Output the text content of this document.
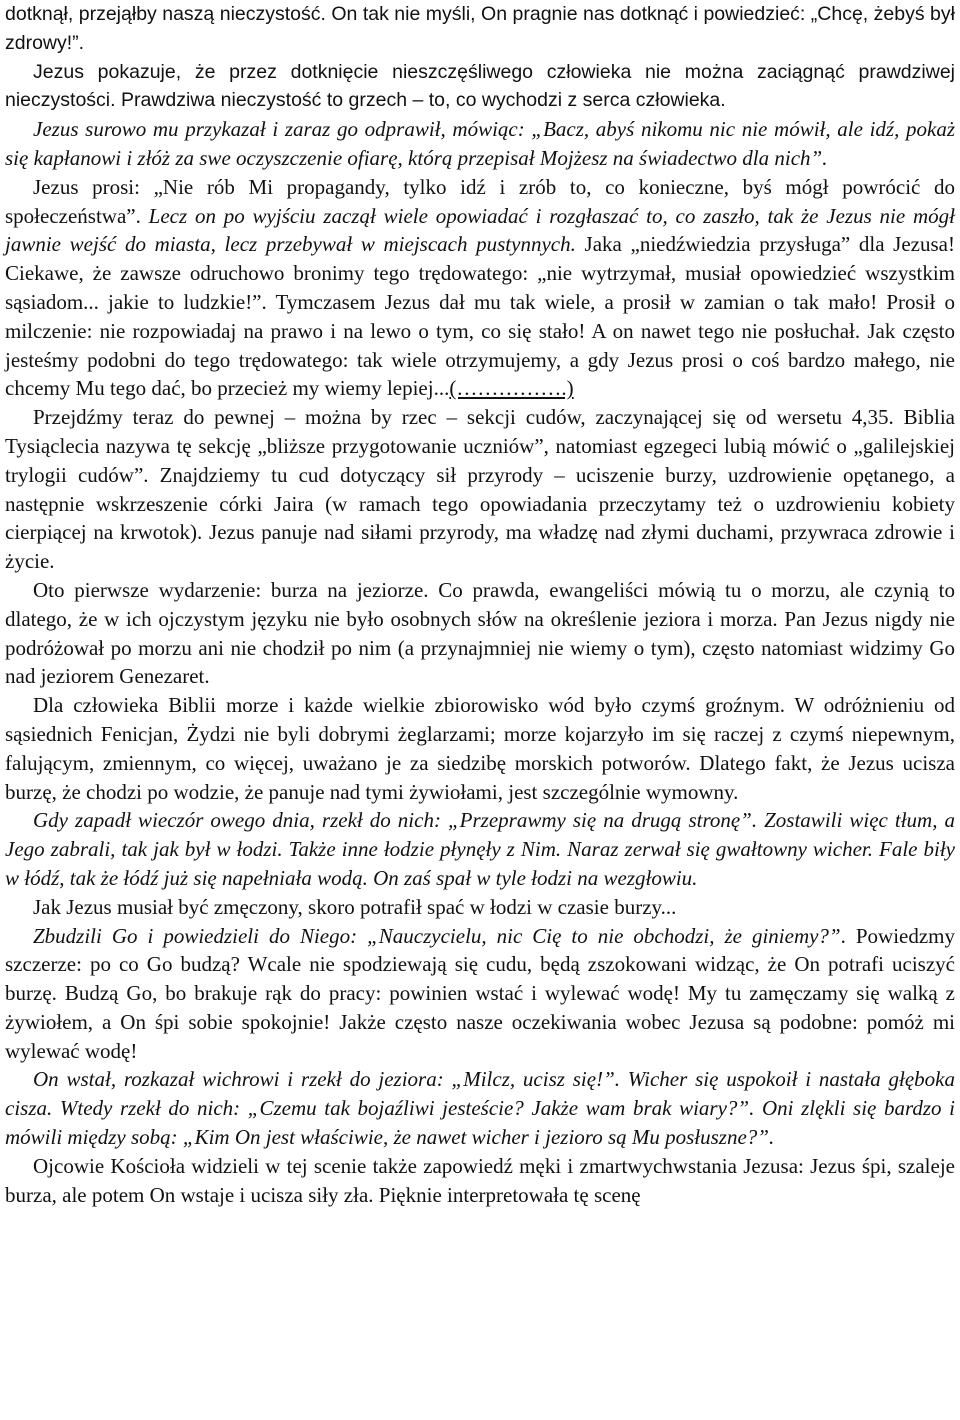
dotknął, przejąłby naszą nieczystość. On tak nie myśli, On pragnie nas dotknąć i powiedzieć: „Chcę, żebyś był zdrowy!”.

Jezus pokazuje, że przez dotknięcie nieszczęśliwego człowieka nie można zaciągnąć prawdziwej nieczystości. Prawdziwa nieczystość to grzech – to, co wychodzi z serca człowieka.

Jezus surowo mu przykazał i zaraz go odprawił, mówiąc: „Bacz, abyś nikomu nic nie mówił, ale idź, pokaż się kapłanowi i złóż za swe oczyszczenie ofiarę, którą przepisał Mojżesz na świadectwo dla nich”.

Jezus prosi: „Nie rób Mi propagandy, tylko idź i zrób to, co konieczne, byś mógł powrócić do społeczeństwa”. Lecz on po wyjściu zaczął wiele opowiadać i rozgłaszać to, co zaszło, tak że Jezus nie mógł jawnie wejść do miasta, lecz przebywał w miejscach pustynnych. Jaka „niedźwiedzia przysługa” dla Jezusa! Ciekawe, że zawsze odruchowo bronimy tego trędowatego: „nie wytrzymał, musiał opowiedzieć wszystkim sąsiadom... jakie to ludzkie!”. Tymczasem Jezus dał mu tak wiele, a prosił w zamian o tak mało! Prosił o milczenie: nie rozpowiadaj na prawo i na lewo o tym, co się stało! A on nawet tego nie posłuchał. Jak często jesteśmy podobni do tego trędowatego: tak wiele otrzymujemy, a gdy Jezus prosi o coś bardzo małego, nie chcemy Mu tego dać, bo przecież my wiemy lepiej...(…………….)

Przejdźmy teraz do pewnej – można by rzec – sekcji cudów, zaczynającej się od wersetu 4,35. Biblia Tysiąclecia nazywa tę sekcję „bliższe przygotowanie uczniów”, natomiast egzegeci lubią mówić o „galilejskiej trylogii cudów”. Znajdziemy tu cud dotyczący sił przyrody – uciszenie burzy, uzdrowienie opętanego, a następnie wskrzeszenie córki Jaira (w ramach tego opowiadania przeczytamy też o uzdrowieniu kobiety cierpiącej na krwotok). Jezus panuje nad siłami przyrody, ma władzę nad złymi duchami, przywraca zdrowie i życie.

Oto pierwsze wydarzenie: burza na jeziorze. Co prawda, ewangeliści mówią tu o morzu, ale czynią to dlatego, że w ich ojczystym języku nie było osobnych słów na określenie jeziora i morza. Pan Jezus nigdy nie podróżował po morzu ani nie chodził po nim (a przynajmniej nie wiemy o tym), często natomiast widzimy Go nad jeziorem Genezaret.

Dla człowieka Biblii morze i każde wielkie zbiorowisko wód było czymś groźnym. W odróżnieniu od sąsiednich Fenicjan, Żydzi nie byli dobrymi żeglarzami; morze kojarzyło im się raczej z czymś niepewnym, falującym, zmiennym, co więcej, uważano je za siedzibę morskich potworów. Dlatego fakt, że Jezus ucisza burzę, że chodzi po wodzie, że panuje nad tymi żywiołami, jest szczególnie wymowny.

Gdy zapadł wieczór owego dnia, rzekł do nich: „Przeprawmy się na drugą stronę”. Zostawili więc tłum, a Jego zabrali, tak jak był w łodzi. Także inne łodzie płynęły z Nim. Naraz zerwał się gwałtowny wicher. Fale biły w łódź, tak że łódź już się napełniała wodą. On zaś spał w tyle łodzi na wezgłowiu.

Jak Jezus musiał być zmęczony, skoro potrafił spać w łodzi w czasie burzy...

Zbudzili Go i powiedzieli do Niego: „Nauczycielu, nic Cię to nie obchodzi, że giniemy?”. Powiedzmy szczerze: po co Go budzą? Wcale nie spodziewają się cudu, będą zszokowani widząc, że On potrafi uciszyć burzę. Budzą Go, bo brakuje rąk do pracy: powinien wstać i wylewać wodę! My tu zamęczamy się walką z żywiołem, a On śpi sobie spokojnie! Jakże często nasze oczekiwania wobec Jezusa są podobne: pomóż mi wylewać wodę!

On wstał, rozkazał wichrowi i rzekł do jeziora: „Milcz, ucisz się!”. Wicher się uspokoił i nastała głęboka cisza. Wtedy rzekł do nich: „Czemu tak bojaźliwi jesteście? Jakże wam brak wiary?”. Oni zlękli się bardzo i mówili między sobą: „Kim On jest właściwie, że nawet wicher i jezioro są Mu posłuszne?”.

Ojcowie Kościoła widzieli w tej scenie także zapowiedź męki i zmartwychwstania Jezusa: Jezus śpi, szaleje burza, ale potem On wstaje i ucisza siły zła. Pięknie interpretowała tę scenę
